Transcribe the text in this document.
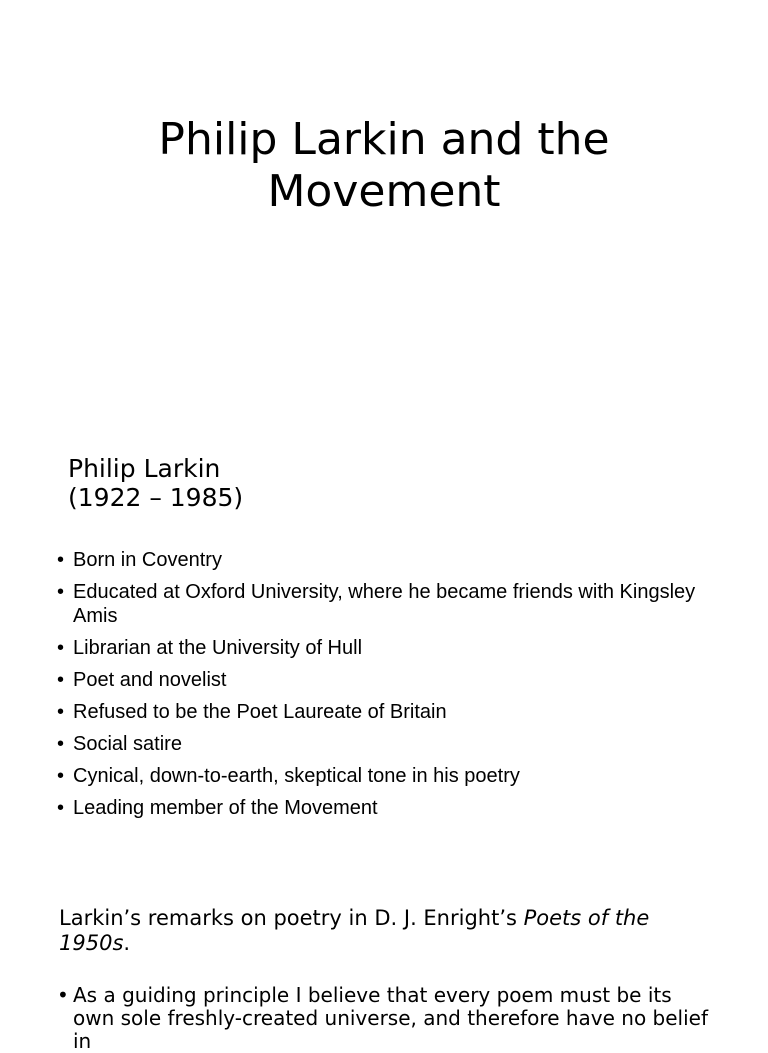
Philip Larkin and the
Movement
Philip Larkin
(1922 – 1985)
• Born in Coventry
• Educated at Oxford University, where he became friends with Kingsley Amis
• Librarian at the University of Hull
• Poet and novelist
• Refused to be the Poet Laureate of Britain
• Social satire
• Cynical, down-to-earth, skeptical tone in his poetry
• Leading member of the Movement
Larkin’s remarks on poetry in D. J. Enright’s Poets of the 1950s.
• As a guiding principle I believe that every poem must be its own sole freshly-created universe, and therefore have no belief in
